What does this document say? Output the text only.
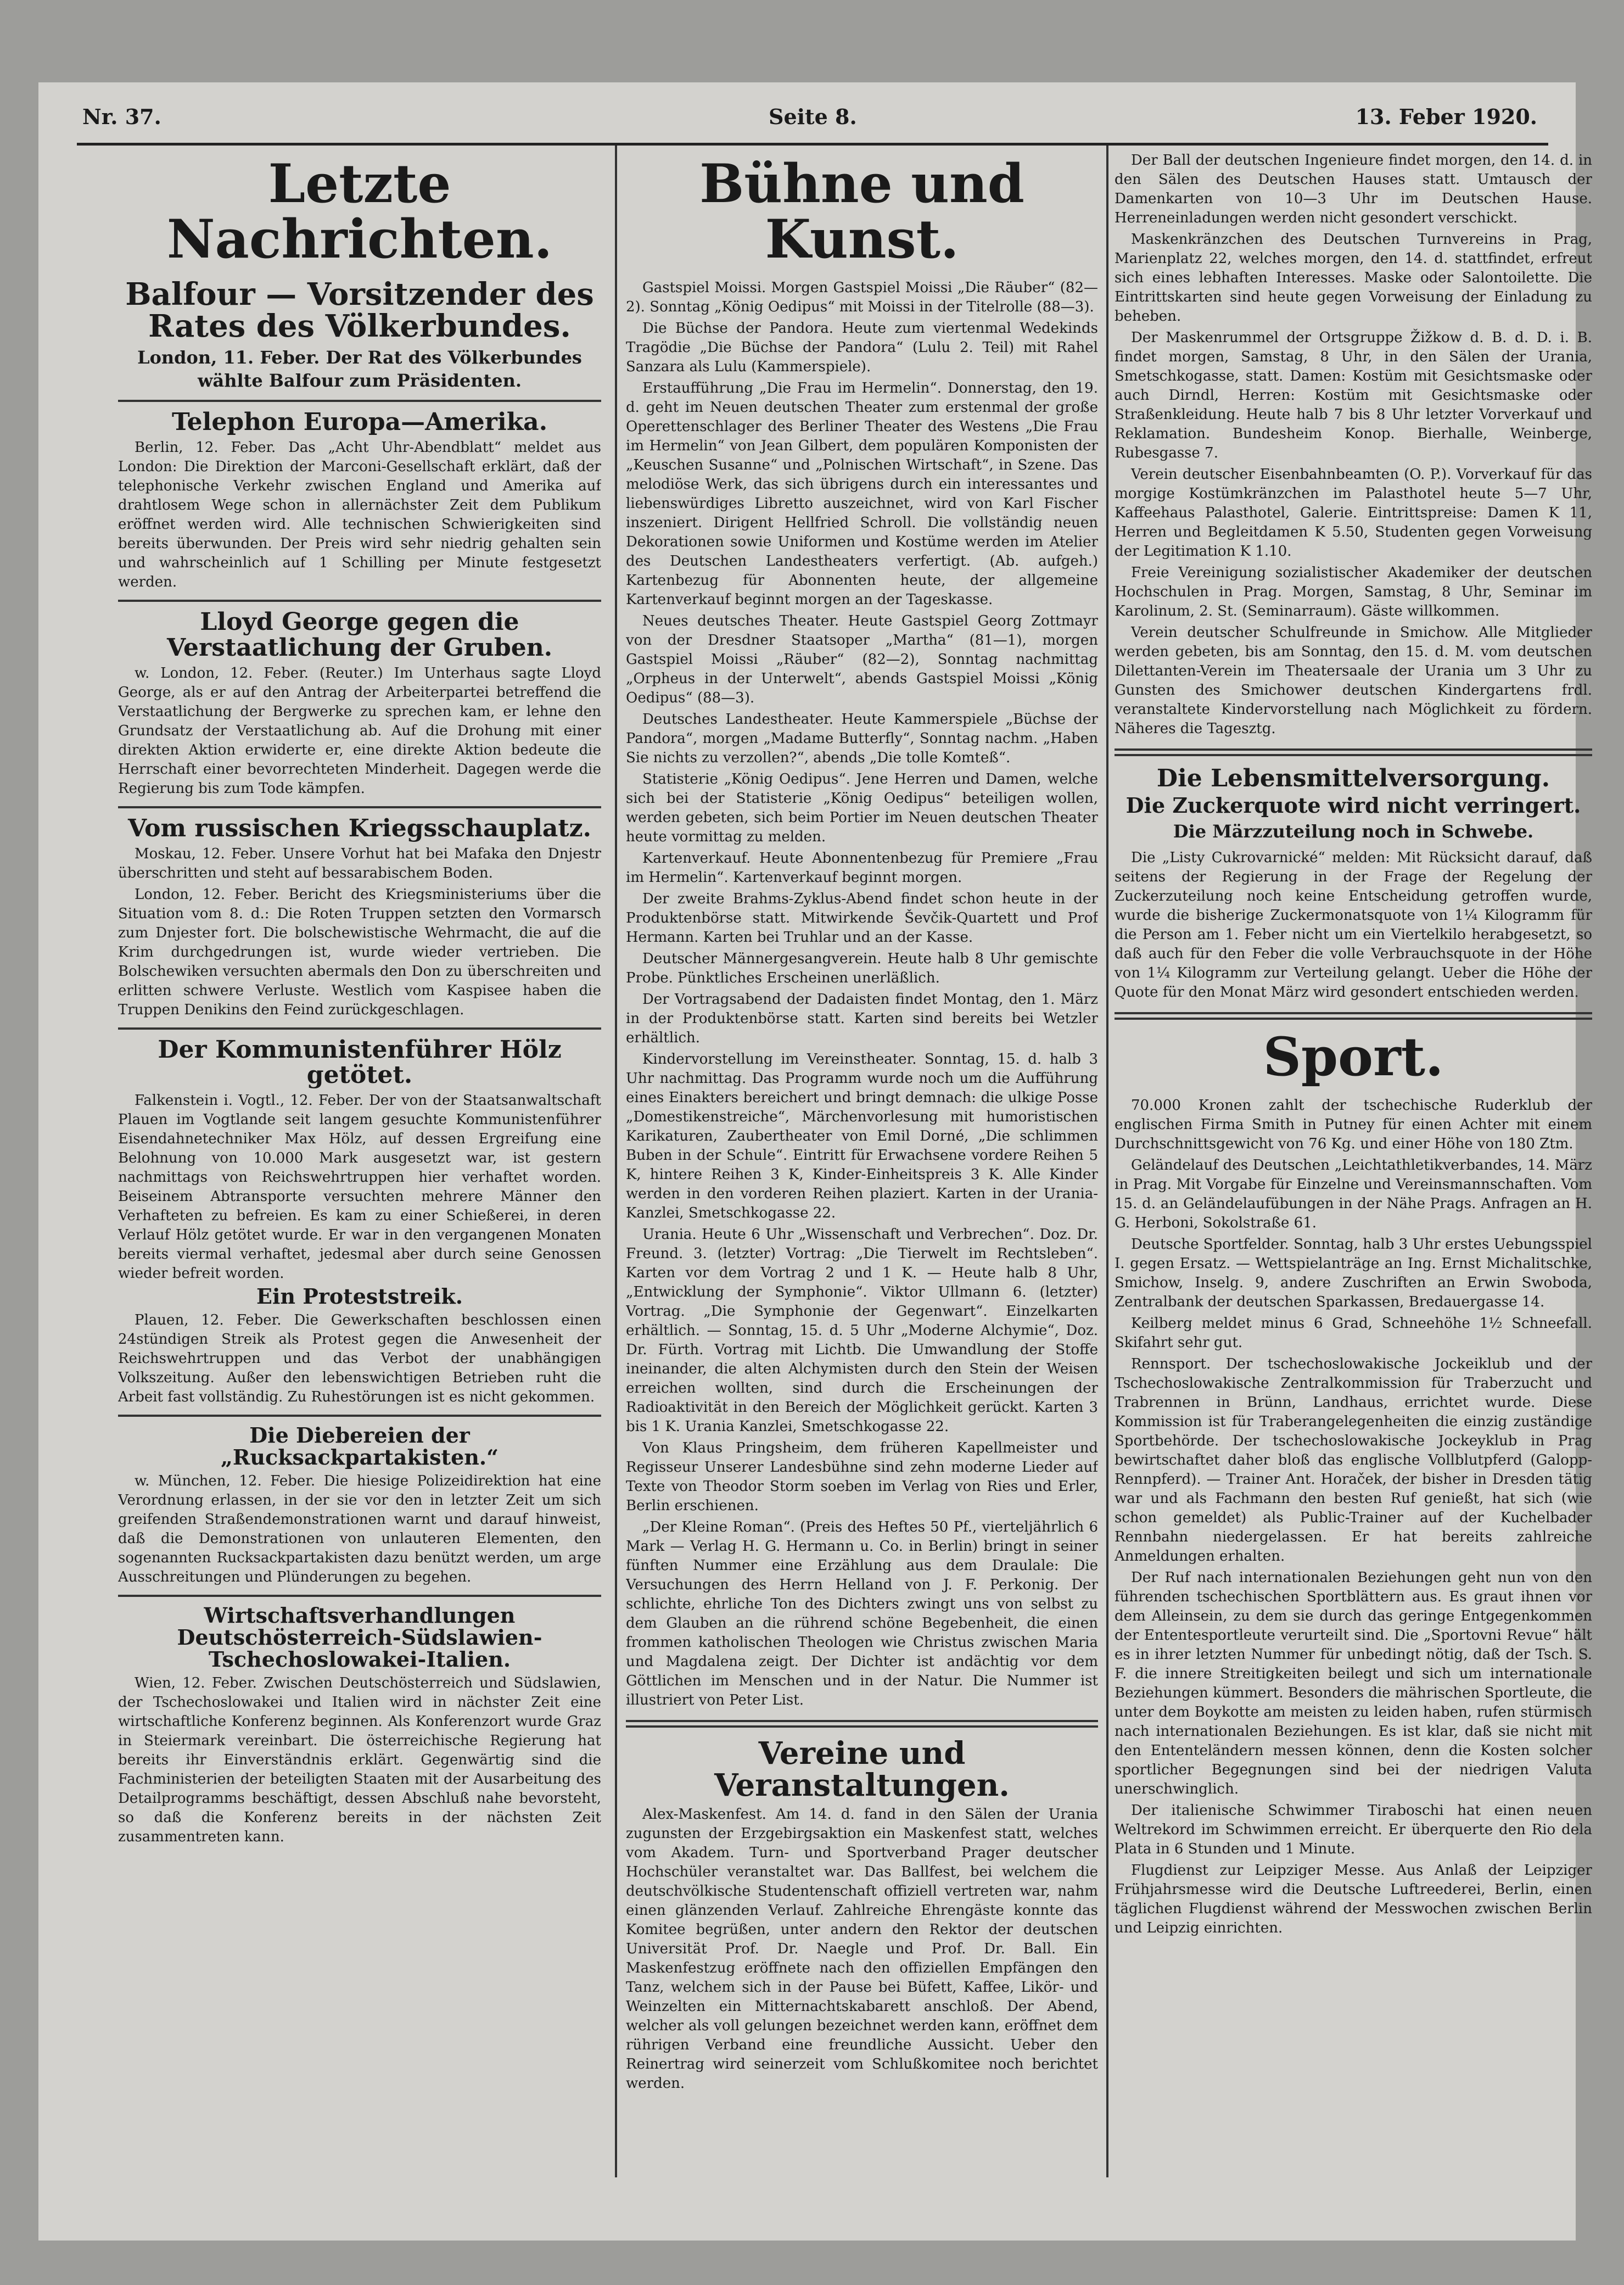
Nr. 37.	Seite 8.	13. Feber 1920.
Letzte Nachrichten.
Balfour — Vorsitzender des Rates des Völkerbundes.
London, 11. Feber. Der Rat des Völkerbundes wählte Balfour zum Präsidenten.
Telephon Europa—Amerika.

Berlin, 12. Feber. Das „Acht Uhr-Abendblatt“ meldet aus London: Die Direktion der Marconi-Gesellschaft erklärt, daß der telephonische Verkehr zwischen England und Amerika auf drahtlosem Wege schon in allernächster Zeit dem Publikum eröffnet werden wird. Alle technischen Schwierigkeiten sind bereits überwunden. Der Preis wird sehr niedrig gehalten sein und wahrscheinlich auf 1 Schilling per Minute festgesetzt werden.

Lloyd George gegen die Verstaatlichung der Gruben.

w. London, 12. Feber. (Reuter.) Im Unterhaus sagte Lloyd George, als er auf den Antrag der Arbeiterpartei betreffend die Verstaatlichung der Bergwerke zu sprechen kam, er lehne den Grundsatz der Verstaatlichung ab. Auf die Drohung mit einer direkten Aktion erwiderte er, eine direkte Aktion bedeute die Herrschaft einer bevorrechteten Minderheit. Dagegen werde die Regierung bis zum Tode kämpfen.

Vom russischen Kriegsschauplatz.

Moskau, 12. Feber. Unsere Vorhut hat bei Mafaka den Dnjestr überschritten und steht auf bessarabischem Boden.

London, 12. Feber. Bericht des Kriegsministeriums über die Situation vom 8. d.: Die Roten Truppen setzten den Vormarsch zum Dnjester fort. Die bolschewistische Wehrmacht, die auf die Krim durchgedrungen ist, wurde wieder vertrieben. Die Bolschewiken versuchten abermals den Don zu überschreiten und erlitten schwere Verluste. Westlich vom Kaspisee haben die Truppen Denikins den Feind zurückgeschlagen.

Der Kommunistenführer Hölz getötet.

Falkenstein i. Vogtl., 12. Feber. Der von der Staatsanwaltschaft Plauen im Vogtlande seit langem gesuchte Kommunistenführer Eisendahnetechniker Max Hölz, auf dessen Ergreifung eine Belohnung von 10.000 Mark ausgesetzt war, ist gestern nachmittags von Reichswehrtruppen hier verhaftet worden. Beiseinem Abtransporte versuchten mehrere Männer den Verhafteten zu befreien. Es kam zu einer Schießerei, in deren Verlauf Hölz getötet wurde. Er war in den vergangenen Monaten bereits viermal verhaftet, jedesmal aber durch seine Genossen wieder befreit worden.

Ein Proteststreik.

Plauen, 12. Feber. Die Gewerkschaften beschlossen einen 24stündigen Streik als Protest gegen die Anwesenheit der Reichswehrtruppen und das Verbot der unabhängigen Volkszeitung. Außer den lebenswichtigen Betrieben ruht die Arbeit fast vollständig. Zu Ruhestörungen ist es nicht gekommen.

Die Diebereien der „Rucksackpartakisten.“

w. München, 12. Feber. Die hiesige Polizeidirektion hat eine Verordnung erlassen, in der sie vor den in letzter Zeit um sich greifenden Straßendemonstrationen warnt und darauf hinweist, daß die Demonstrationen von unlauteren Elementen, den sogenannten Rucksackpartakisten dazu benützt werden, um arge Ausschreitungen und Plünderungen zu begehen.

Wirtschaftsverhandlungen Deutschösterreich-Südslawien-Tschechoslowakei-Italien.

Wien, 12. Feber. Zwischen Deutschösterreich und Südslawien, der Tschechoslowakei und Italien wird in nächster Zeit eine wirtschaftliche Konferenz beginnen. Als Konferenzort wurde Graz in Steiermark vereinbart. Die österreichische Regierung hat bereits ihr Einverständnis erklärt. Gegenwärtig sind die Fachministerien der beteiligten Staaten mit der Ausarbeitung des Detailprogramms beschäftigt, dessen Abschluß nahe bevorsteht, so daß die Konferenz bereits in der nächsten Zeit zusammentreten kann.

Bühne und Kunst.

Gastspiel Moissi. Morgen Gastspiel Moissi „Die Räuber“ (82—2). Sonntag „König Oedipus“ mit Moissi in der Titelrolle (88—3).

Die Büchse der Pandora. Heute zum viertenmal Wedekinds Tragödie „Die Büchse der Pandora“ (Lulu 2. Teil) mit Rahel Sanzara als Lulu (Kammerspiele).

Erstaufführung „Die Frau im Hermelin“. Donnerstag, den 19. d. geht im Neuen deutschen Theater zum erstenmal der große Operettenschlager des Berliner Theater des Westens „Die Frau im Hermelin“ von Jean Gilbert, dem populären Komponisten der „Keuschen Susanne“ und „Polnischen Wirtschaft“, in Szene. Das melodiöse Werk, das sich übrigens durch ein interessantes und liebenswürdiges Libretto auszeichnet, wird von Karl Fischer inszeniert. Dirigent Hellfried Schroll. Die vollständig neuen Dekorationen sowie Uniformen und Kostüme werden im Atelier des Deutschen Landestheaters verfertigt. (Ab. aufgeh.) Kartenbezug für Abonnenten heute, der allgemeine Kartenverkauf beginnt morgen an der Tageskasse.

Neues deutsches Theater. Heute Gastspiel Georg Zottmayr von der Dresdner Staatsoper „Martha“ (81—1), morgen Gastspiel Moissi „Räuber“ (82—2), Sonntag nachmittag „Orpheus in der Unterwelt“, abends Gastspiel Moissi „König Oedipus“ (88—3).

Deutsches Landestheater. Heute Kammerspiele „Büchse der Pandora“, morgen „Madame Butterfly“, Sonntag nachm. „Haben Sie nichts zu verzollen?“, abends „Die tolle Komteß“.

Statisterie „König Oedipus“. Jene Herren und Damen, welche sich bei der Statisterie „König Oedipus“ beteiligen wollen, werden gebeten, sich beim Portier im Neuen deutschen Theater heute vormittag zu melden.

Kartenverkauf. Heute Abonnentenbezug für Premiere „Frau im Hermelin“. Kartenverkauf beginnt morgen.

Der zweite Brahms-Zyklus-Abend findet schon heute in der Produktenbörse statt. Mitwirkende Ševčik-Quartett und Prof Hermann. Karten bei Truhlar und an der Kasse.

Deutscher Männergesangverein. Heute halb 8 Uhr gemischte Probe. Pünktliches Erscheinen unerläßlich.

Der Vortragsabend der Dadaisten findet Montag, den 1. März in der Produktenbörse statt. Karten sind bereits bei Wetzler erhältlich.

Kindervorstellung im Vereinstheater. Sonntag, 15. d. halb 3 Uhr nachmittag. Das Programm wurde noch um die Aufführung eines Einakters bereichert und bringt demnach: die ulkige Posse „Domestikenstreiche“, Märchenvorlesung mit humoristischen Karikaturen, Zaubertheater von Emil Dorné, „Die schlimmen Buben in der Schule“. Eintritt für Erwachsene vordere Reihen 5 K, hintere Reihen 3 K, Kinder-Einheitspreis 3 K. Alle Kinder werden in den vorderen Reihen plaziert. Karten in der Urania-Kanzlei, Smetschkogasse 22.

Urania. Heute 6 Uhr „Wissenschaft und Verbrechen“. Doz. Dr. Freund. 3. (letzter) Vortrag: „Die Tierwelt im Rechtsleben“. Karten vor dem Vortrag 2 und 1 K. — Heute halb 8 Uhr, „Entwicklung der Symphonie“. Viktor Ullmann 6. (letzter) Vortrag. „Die Symphonie der Gegenwart“. Einzelkarten erhältlich. — Sonntag, 15. d. 5 Uhr „Moderne Alchymie“, Doz. Dr. Fürth. Vortrag mit Lichtb. Die Umwandlung der Stoffe ineinander, die alten Alchymisten durch den Stein der Weisen erreichen wollten, sind durch die Erscheinungen der Radioaktivität in den Bereich der Möglichkeit gerückt. Karten 3 bis 1 K. Urania Kanzlei, Smetschkogasse 22.

Von Klaus Pringsheim, dem früheren Kapellmeister und Regisseur Unserer Landesbühne sind zehn moderne Lieder auf Texte von Theodor Storm soeben im Verlag von Ries und Erler, Berlin erschienen.

„Der Kleine Roman“. (Preis des Heftes 50 Pf., vierteljährlich 6 Mark — Verlag H. G. Hermann u. Co. in Berlin) bringt in seiner fünften Nummer eine Erzählung aus dem Draulale: Die Versuchungen des Herrn Helland von J. F. Perkonig. Der schlichte, ehrliche Ton des Dichters zwingt uns von selbst zu dem Glauben an die rührend schöne Begebenheit, die einen frommen katholischen Theologen wie Christus zwischen Maria und Magdalena zeigt. Der Dichter ist andächtig vor dem Göttlichen im Menschen und in der Natur. Die Nummer ist illustriert von Peter List.

Vereine und Veranstaltungen.

Alex-Maskenfest. Am 14. d. fand in den Sälen der Urania zugunsten der Erzgebirgsaktion ein Maskenfest statt, welches vom Akadem. Turn- und Sportverband Prager deutscher Hochschüler veranstaltet war. Das Ballfest, bei welchem die deutschvölkische Studentenschaft offiziell vertreten war, nahm einen glänzenden Verlauf. Zahlreiche Ehrengäste konnte das Komitee begrüßen, unter andern den Rektor der deutschen Universität Prof. Dr. Naegle und Prof. Dr. Ball. Ein Maskenfestzug eröffnete nach den offiziellen Empfängen den Tanz, welchem sich in der Pause bei Büfett, Kaffee, Likör- und Weinzelten ein Mitternachtskabarett anschloß. Der Abend, welcher als voll gelungen bezeichnet werden kann, eröffnet dem rührigen Verband eine freundliche Aussicht. Ueber den Reinertrag wird seinerzeit vom Schlußkomitee noch berichtet werden.

Der Ball der deutschen Ingenieure findet morgen, den 14. d. in den Sälen des Deutschen Hauses statt. Umtausch der Damenkarten von 10—3 Uhr im Deutschen Hause. Herreneinladungen werden nicht gesondert verschickt.

Maskenkränzchen des Deutschen Turnvereins in Prag, Marienplatz 22, welches morgen, den 14. d. stattfindet, erfreut sich eines lebhaften Interesses. Maske oder Salontoilette. Die Eintrittskarten sind heute gegen Vorweisung der Einladung zu beheben.

Der Maskenrummel der Ortsgruppe Žižkow d. B. d. D. i. B. findet morgen, Samstag, 8 Uhr, in den Sälen der Urania, Smetschkogasse, statt. Damen: Kostüm mit Gesichtsmaske oder auch Dirndl, Herren: Kostüm mit Gesichtsmaske oder Straßenkleidung. Heute halb 7 bis 8 Uhr letzter Vorverkauf und Reklamation. Bundesheim Konop. Bierhalle, Weinberge, Rubesgasse 7.

Verein deutscher Eisenbahnbeamten (O. P.). Vorverkauf für das morgige Kostümkränzchen im Palasthotel heute 5—7 Uhr, Kaffeehaus Palasthotel, Galerie. Eintrittspreise: Damen K 11, Herren und Begleitdamen K 5.50, Studenten gegen Vorweisung der Legitimation K 1.10.

Freie Vereinigung sozialistischer Akademiker der deutschen Hochschulen in Prag. Morgen, Samstag, 8 Uhr, Seminar im Karolinum, 2. St. (Seminarraum). Gäste willkommen.

Verein deutscher Schulfreunde in Smichow. Alle Mitglieder werden gebeten, bis am Sonntag, den 15. d. M. vom deutschen Dilettanten-Verein im Theatersaale der Urania um 3 Uhr zu Gunsten des Smichower deutschen Kindergartens frdl. veranstaltete Kindervorstellung nach Möglichkeit zu fördern. Näheres die Tagesztg.

Die Lebensmittelversorgung.
Die Zuckerquote wird nicht verringert.
Die Märzzuteilung noch in Schwebe.

Die „Listy Cukrovarnické“ melden: Mit Rücksicht darauf, daß seitens der Regierung in der Frage der Regelung der Zuckerzuteilung noch keine Entscheidung getroffen wurde, wurde die bisherige Zuckermonatsquote von 1¼ Kilogramm für die Person am 1. Feber nicht um ein Viertelkilo herabgesetzt, so daß auch für den Feber die volle Verbrauchsquote in der Höhe von 1¼ Kilogramm zur Verteilung gelangt. Ueber die Höhe der Quote für den Monat März wird gesondert entschieden werden.

Sport.

70.000 Kronen zahlt der tschechische Ruderklub der englischen Firma Smith in Putney für einen Achter mit einem Durchschnittsgewicht von 76 Kg. und einer Höhe von 180 Ztm.

Geländelauf des Deutschen „Leichtathletikverbandes, 14. März in Prag. Mit Vorgabe für Einzelne und Vereinsmannschaften. Vom 15. d. an Geländelaufübungen in der Nähe Prags. Anfragen an H. G. Herboni, Sokolstraße 61.

Deutsche Sportfelder. Sonntag, halb 3 Uhr erstes Uebungsspiel I. gegen Ersatz. — Wettspielanträge an Ing. Ernst Michalitschke, Smichow, Inselg. 9, andere Zuschriften an Erwin Swoboda, Zentralbank der deutschen Sparkassen, Bredauergasse 14.

Keilberg meldet minus 6 Grad, Schneehöhe 1½ Schneefall. Skifahrt sehr gut.

Rennsport. Der tschechoslowakische Jockeiklub und der Tschechoslowakische Zentralkommission für Traberzucht und Trabrennen in Brünn, Landhaus, errichtet wurde. Diese Kommission ist für Traberangelegenheiten die einzig zuständige Sportbehörde. Der tschechoslowakische Jockeyklub in Prag bewirtschaftet daher bloß das englische Vollblutpferd (Galopp-Rennpferd). — Trainer Ant. Horaček, der bisher in Dresden tätig war und als Fachmann den besten Ruf genießt, hat sich (wie schon gemeldet) als Public-Trainer auf der Kuchelbader Rennbahn niedergelassen. Er hat bereits zahlreiche Anmeldungen erhalten.

Der Ruf nach internationalen Beziehungen geht nun von den führenden tschechischen Sportblättern aus. Es graut ihnen vor dem Alleinsein, zu dem sie durch das geringe Entgegenkommen der Ententesportleute verurteilt sind. Die „Sportovni Revue“ hält es in ihrer letzten Nummer für unbedingt nötig, daß der Tsch. S. F. die innere Streitigkeiten beilegt und sich um internationale Beziehungen kümmert. Besonders die mährischen Sportleute, die unter dem Boykotte am meisten zu leiden haben, rufen stürmisch nach internationalen Beziehungen. Es ist klar, daß sie nicht mit den Ententeländern messen können, denn die Kosten solcher sportlicher Begegnungen sind bei der niedrigen Valuta unerschwinglich.

Der italienische Schwimmer Tiraboschi hat einen neuen Weltrekord im Schwimmen erreicht. Er überquerte den Rio dela Plata in 6 Stunden und 1 Minute.

Flugdienst zur Leipziger Messe. Aus Anlaß der Leipziger Frühjahrsmesse wird die Deutsche Luftreederei, Berlin, einen täglichen Flugdienst während der Messwochen zwischen Berlin und Leipzig einrichten.
